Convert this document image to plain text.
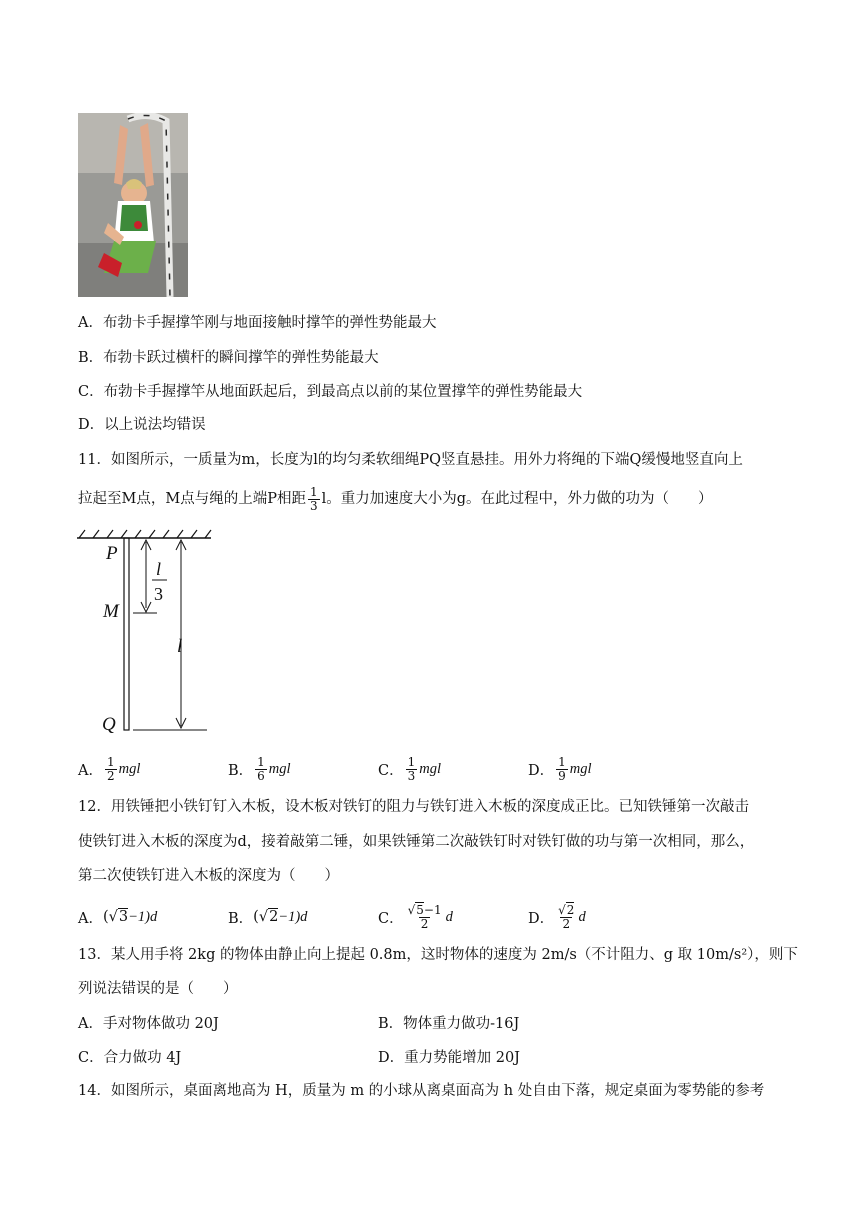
A．布勃卡手握撑竿刚与地面接触时撑竿的弹性势能最大
B．布勃卡跃过横杆的瞬间撑竿的弹性势能最大
C．布勃卡手握撑竿从地面跃起后，到最高点以前的某位置撑竿的弹性势能最大
D．以上说法均错误
11．如图所示，一质量为m，长度为l的均匀柔软细绳PQ竖直悬挂。用外力将绳的下端Q缓慢地竖直向上
拉起至M点，M点与绳的上端P相距 $\frac{1}{3}$ l。重力加速度大小为g。在此过程中，外力做的功为（　　）
P
M
Q
l
3
l
A． $\frac{1}{2}$ mgl	B． $\frac{1}{6}$ mgl	C． $\frac{1}{3}$ mgl	D． $\frac{1}{9}$ mgl
12．用铁锤把小铁钉钉入木板，设木板对铁钉的阻力与铁钉进入木板的深度成正比。已知铁锤第一次敲击
使铁钉进入木板的深度为d，接着敲第二锤，如果铁锤第二次敲铁钉时对铁钉做的功与第一次相同，那么，
第二次使铁钉进入木板的深度为（　　）
A． (√3 −1)d	B． (√2 −1)d	C． $\frac{√5-1}{2}$ d	D． $\frac{√2}{2}$ d
13．某人用手将 2kg 的物体由静止向上提起 0.8m，这时物体的速度为 2m/s（不计阻力、g 取 10m/s²），则下
列说法错误的是（　　）
A．手对物体做功 20J	B．物体重力做功-16J
C．合力做功 4J	D．重力势能增加 20J
14．如图所示，桌面离地高为 H，质量为 m 的小球从离桌面高为 h 处自由下落，规定桌面为零势能的参考
